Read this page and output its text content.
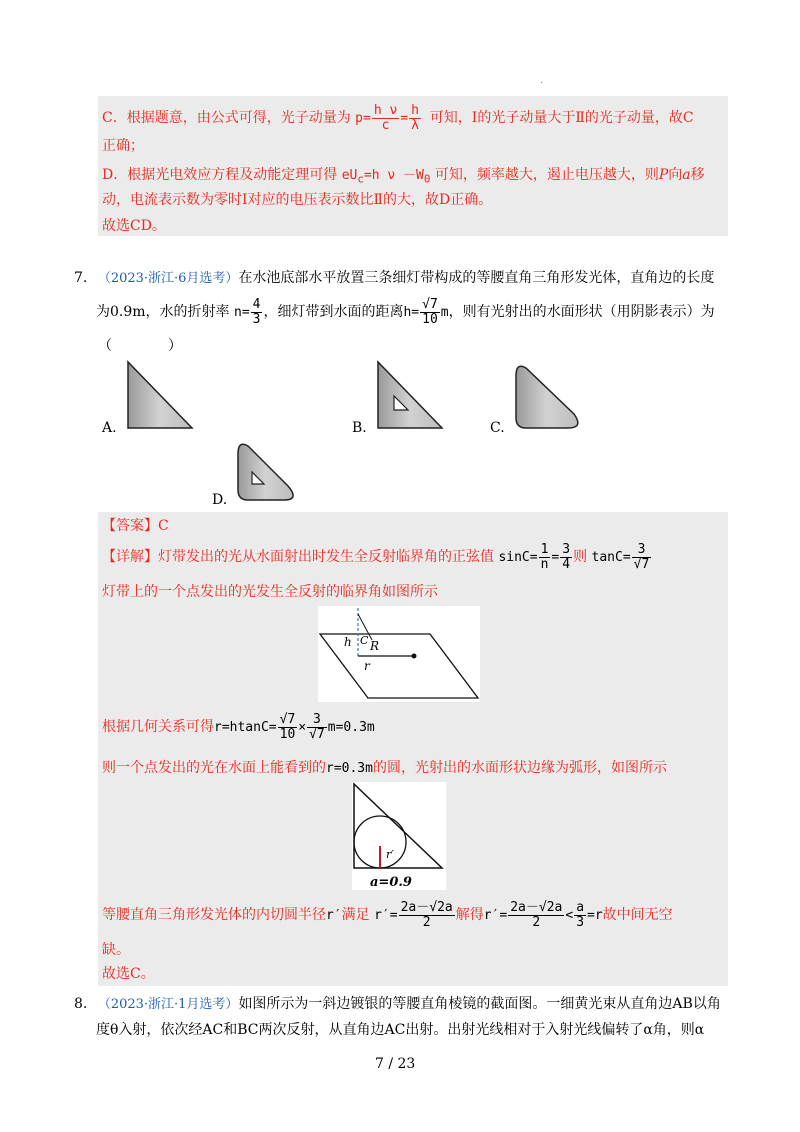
·
C．根据题意，由公式可得，光子动量为 $p= \frac{\text{h ν}}{c} = \frac{h}{\lambda}$ 可知，Ⅰ的光子动量大于Ⅱ的光子动量，故C
正确；
D．根据光电效应方程及动能定理可得 $eU_c=h$ $\nu -W_0$ 可知，频率越大，遏止电压越大，则P向a移
动，电流表示数为零时Ⅰ对应的电压表示数比Ⅱ的大，故D正确。
故选CD。
7. （2023·浙江·6月选考）在水池底部水平放置三条细灯带构成的等腰直角三角形发光体，直角边的长度
为0.9m，水的折射率 $n= \frac{4}{3}$ ，细灯带到水面的距离$h= \frac{√7}{10}$ m，则有光射出的水面形状（用阴影表示）为
（　　　　）
A.	B.	C.
D.
【答案】C
【详解】灯带发出的光从水面射出时发生全反射临界角的正弦值 $\sin C= \frac{1}{n} = \frac{3}{4}$ 则 $\tan C= \frac{3}{√7}$
灯带上的一个点发出的光发生全反射的临界角如图所示
h C R
r
根据几何关系可得$r=htanC= \frac{√7}{10} \times \frac{3}{√7} m=0.3m$
则一个点发出的光在水面上能看到的r=0.3m的圆，光射出的水面形状边缘为弧形，如图所示
r′
a=0.9
等腰直角三角形发光体的内切圆半径r′满足 $r'= \frac{2a-√2a}{2}$ 解得$r'= \frac{2a-√2a}{2} < \frac{a}{3} =r$故中间无空
缺。
故选C。
8. （2023·浙江·1月选考）如图所示为一斜边镀银的等腰直角棱镜的截面图。一细黄光束从直角边AB以角
度θ入射，依次经AC和BC两次反射，从直角边AC出射。出射光线相对于入射光线偏转了α角，则α
7 / 23
